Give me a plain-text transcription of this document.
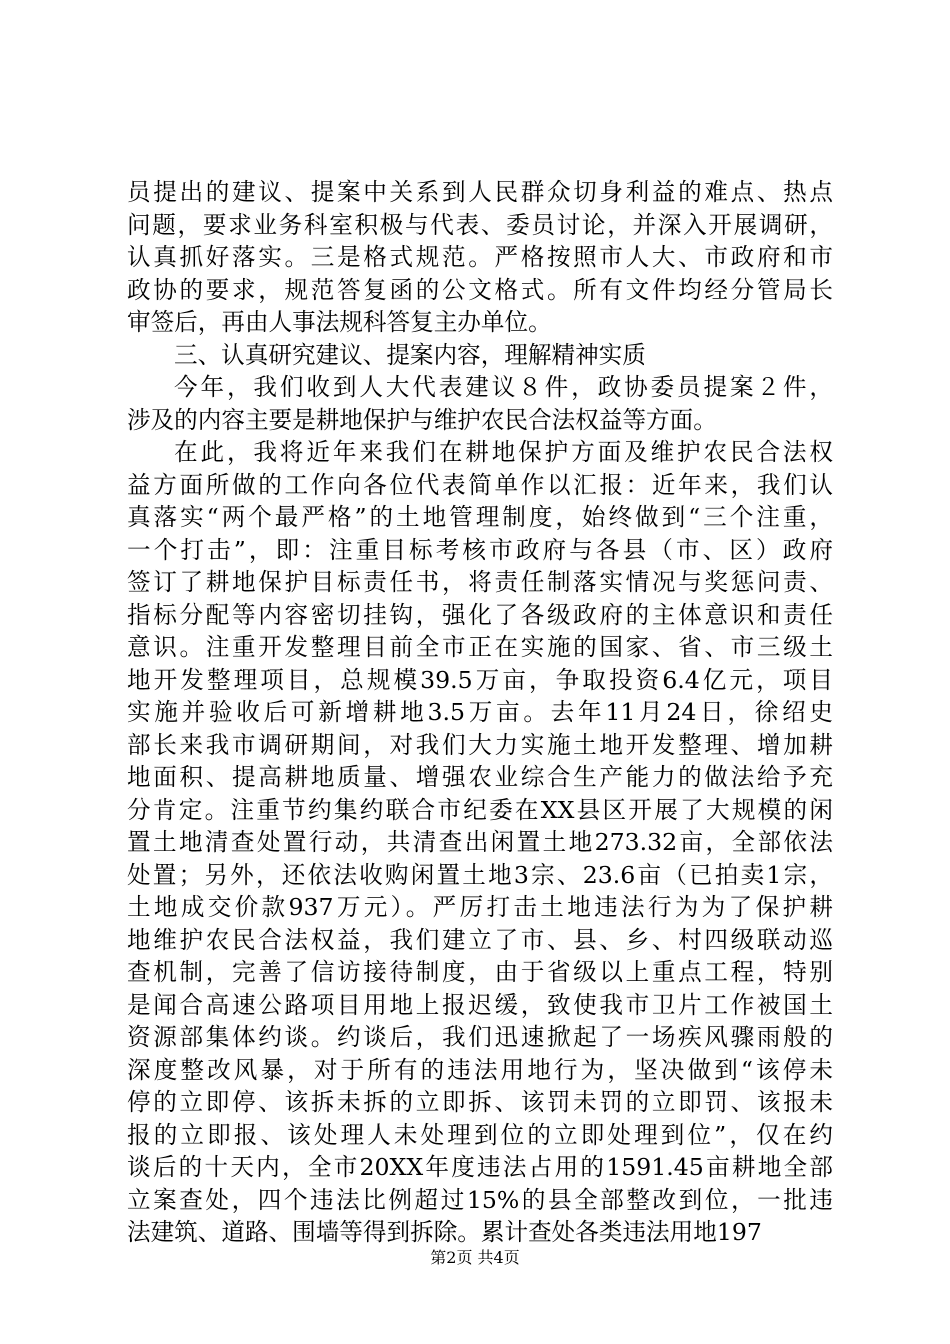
员提出的建议、提案中关系到人民群众切身利益的难点、热点
问题，要求业务科室积极与代表、委员讨论，并深入开展调研，
认真抓好落实。三是格式规范。严格按照市人大、市政府和市
政协的要求，规范答复函的公文格式。所有文件均经分管局长
审签后，再由人事法规科答复主办单位。
三、认真研究建议、提案内容，理解精神实质
今年，我们收到人大代表建议８件，政协委员提案２件，
涉及的内容主要是耕地保护与维护农民合法权益等方面。
在此，我将近年来我们在耕地保护方面及维护农民合法权
益方面所做的工作向各位代表简单作以汇报：近年来，我们认
真落实“两个最严格”的土地管理制度，始终做到“三个注重，
一个打击”，即：注重目标考核市政府与各县（市、区）政府
签订了耕地保护目标责任书，将责任制落实情况与奖惩问责、
指标分配等内容密切挂钩，强化了各级政府的主体意识和责任
意识。注重开发整理目前全市正在实施的国家、省、市三级土
地开发整理项目，总规模39.5万亩，争取投资6.4亿元，项目
实施并验收后可新增耕地3.5万亩。去年11月24日，徐绍史
部长来我市调研期间，对我们大力实施土地开发整理、增加耕
地面积、提高耕地质量、增强农业综合生产能力的做法给予充
分肯定。注重节约集约联合市纪委在XX县区开展了大规模的闲
置土地清查处置行动，共清查出闲置土地273.32亩，全部依法
处置；另外，还依法收购闲置土地3宗、23.6亩（已拍卖1宗，
土地成交价款937万元）。严厉打击土地违法行为为了保护耕
地维护农民合法权益，我们建立了市、县、乡、村四级联动巡
查机制，完善了信访接待制度，由于省级以上重点工程，特别
是闻合高速公路项目用地上报迟缓，致使我市卫片工作被国土
资源部集体约谈。约谈后，我们迅速掀起了一场疾风骤雨般的
深度整改风暴，对于所有的违法用地行为，坚决做到“该停未
停的立即停、该拆未拆的立即拆、该罚未罚的立即罚、该报未
报的立即报、该处理人未处理到位的立即处理到位”，仅在约
谈后的十天内，全市20XX年度违法占用的1591.45亩耕地全部
立案查处，四个违法比例超过15%的县全部整改到位，一批违
法建筑、道路、围墙等得到拆除。累计查处各类违法用地197
第2页 共4页
